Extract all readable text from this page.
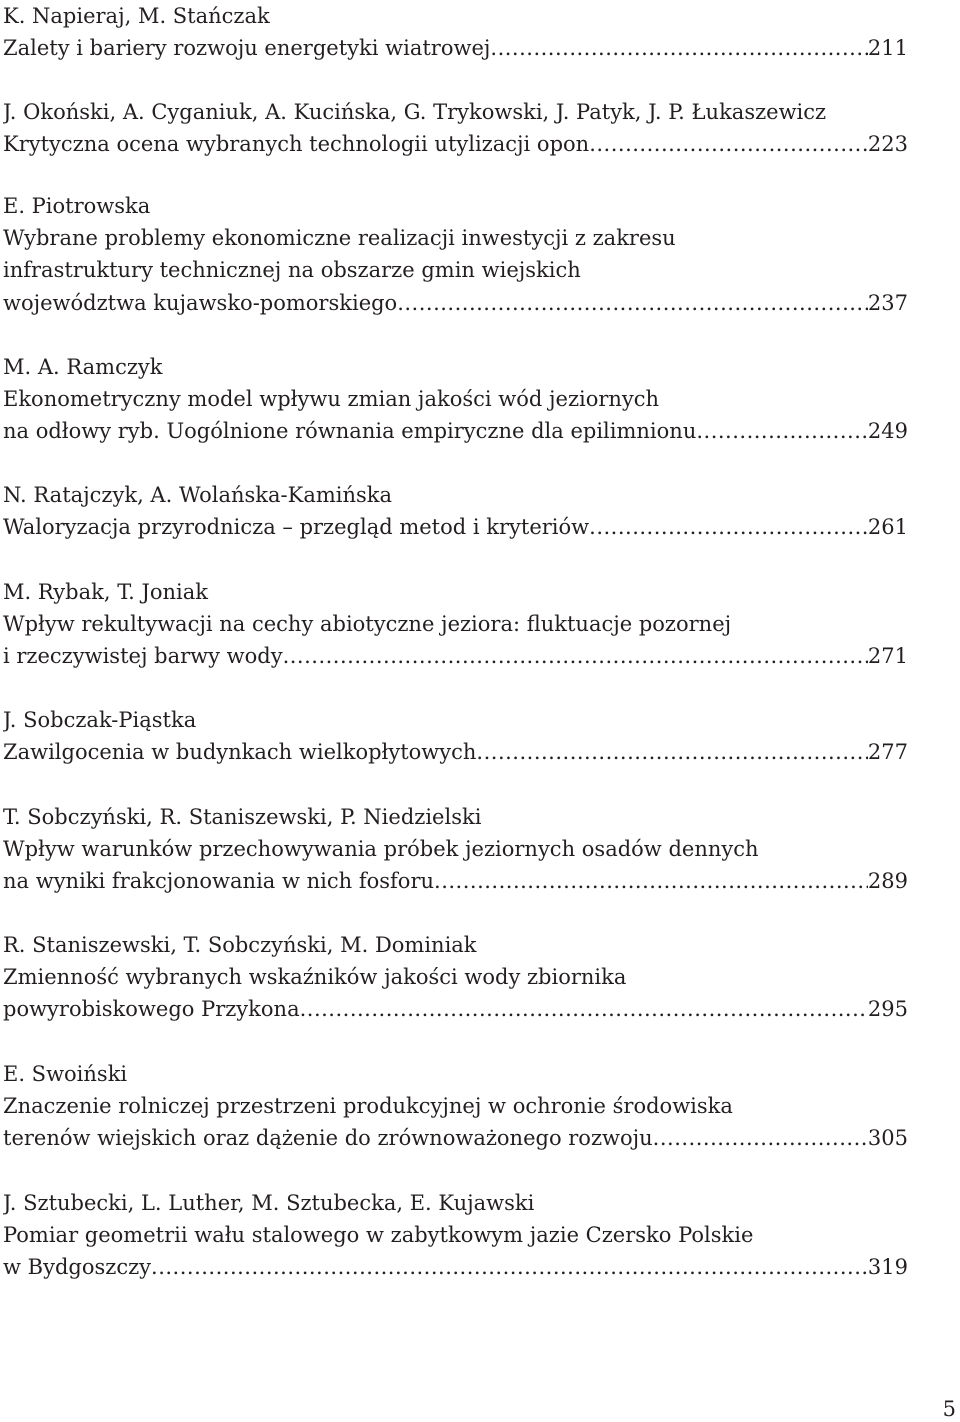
K. Napieraj, M. Stańczak
Zalety i bariery rozwoju energetyki wiatrowej .....	211
J. Okoński, A. Cyganiuk, A. Kucińska, G. Trykowski, J. Patyk, J. P. Łukaszewicz
Krytyczna ocena wybranych technologii utylizacji opon .....	223
E. Piotrowska
Wybrane problemy ekonomiczne realizacji inwestycji z zakresu
infrastruktury technicznej na obszarze gmin wiejskich
województwa kujawsko-pomorskiego .....	237
M. A. Ramczyk
Ekonometryczny model wpływu zmian jakości wód jeziornych
na odłowy ryb. Uogólnione równania empiryczne dla epilimnionu .....	249
N. Ratajczyk, A. Wolańska-Kamińska
Waloryzacja przyrodnicza – przegląd metod i kryteriów .....	261
M. Rybak, T. Joniak
Wpływ rekultywacji na cechy abiotyczne jeziora: fluktuacje pozornej
i rzeczywistej barwy wody .....	271
J. Sobczak-Piąstka
Zawilgocenia w budynkach wielkopłytowych .....	277
T. Sobczyński, R. Staniszewski, P. Niedzielski
Wpływ warunków przechowywania próbek jeziornych osadów dennych
na wyniki frakcjonowania w nich fosforu .....	289
R. Staniszewski, T. Sobczyński, M. Dominiak
Zmienność wybranych wskaźników jakości wody zbiornika
powyrobiskowego Przykona .....	295
E. Swoiński
Znaczenie rolniczej przestrzeni produkcyjnej w ochronie środowiska
terenów wiejskich oraz dążenie do zrównoważonego rozwoju .....	305
J. Sztubecki, L. Luther, M. Sztubecka, E. Kujawski
Pomiar geometrii wału stalowego w zabytkowym jazie Czersko Polskie
w Bydgoszczy .....	319
5
